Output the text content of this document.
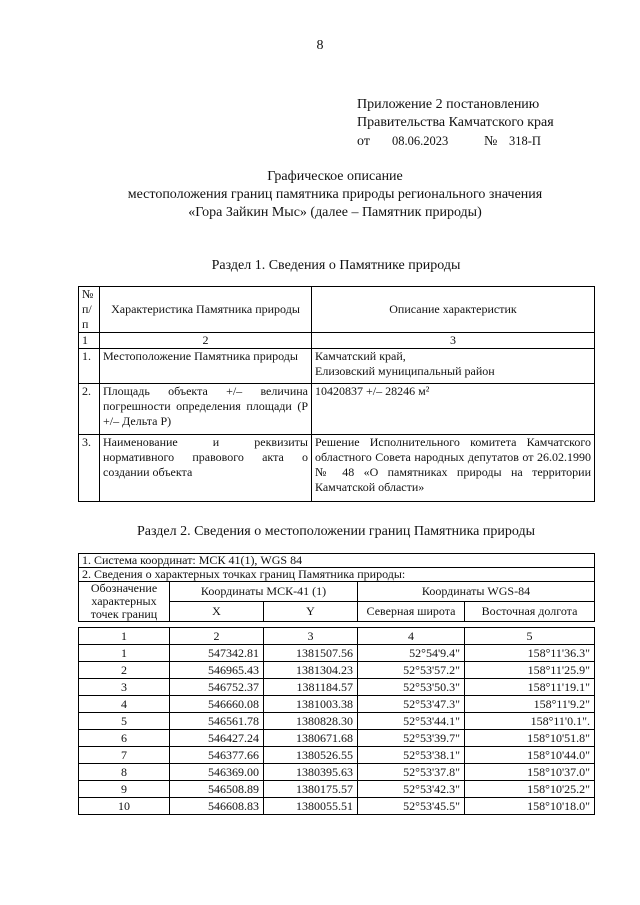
8
Приложение 2 постановлению
Правительства Камчатского края
от 08.06.2023	№ 318-П
Графическое описание
местоположения границ памятника природы регионального значения
«Гора Зайкин Мыс» (далее – Памятник природы)
Раздел 1. Сведения о Памятнике природы
№ п/п	Характеристика Памятника природы	Описание характеристик
1	2	3
1.	Местоположение Памятника природы	Камчатский край,
Елизовский муниципальный район

2.	Площадь объекта +/– величина погрешности определения площади (Р +/– Дельта Р)	10420837 +/– 28246 м²
3.	Наименование и реквизиты нормативного правового акта о создании объекта	Решение Исполнительного комитета Камчатского областного Совета народных депутатов от 26.02.1990 № 48 «О памятниках природы на территории Камчатской области»
Раздел 2. Сведения о местоположении границ Памятника природы
1. Система координат: МСК 41(1), WGS 84				
2. Сведения о характерных точках границ Памятника природы:				
Обозначение характерных точек границ	Координаты МСК-41 (1)		Координаты WGS-84	
	X	Y	Северная широта	Восточная долгота

1	2	3	4	5
1	547342.81	1381507.56	52°54'9.4"	158°11'36.3"
2	546965.43	1381304.23	52°53'57.2"	158°11'25.9"
3	546752.37	1381184.57	52°53'50.3"	158°11'19.1"
4	546660.08	1381003.38	52°53'47.3"	158°11'9.2"
5	546561.78	1380828.30	52°53'44.1"	158°11'0.1".
6	546427.24	1380671.68	52°53'39.7"	158°10'51.8"
7	546377.66	1380526.55	52°53'38.1"	158°10'44.0"
8	546369.00	1380395.63	52°53'37.8"	158°10'37.0"
9	546508.89	1380175.57	52°53'42.3"	158°10'25.2"
10	546608.83	1380055.51	52°53'45.5"	158°10'18.0"
